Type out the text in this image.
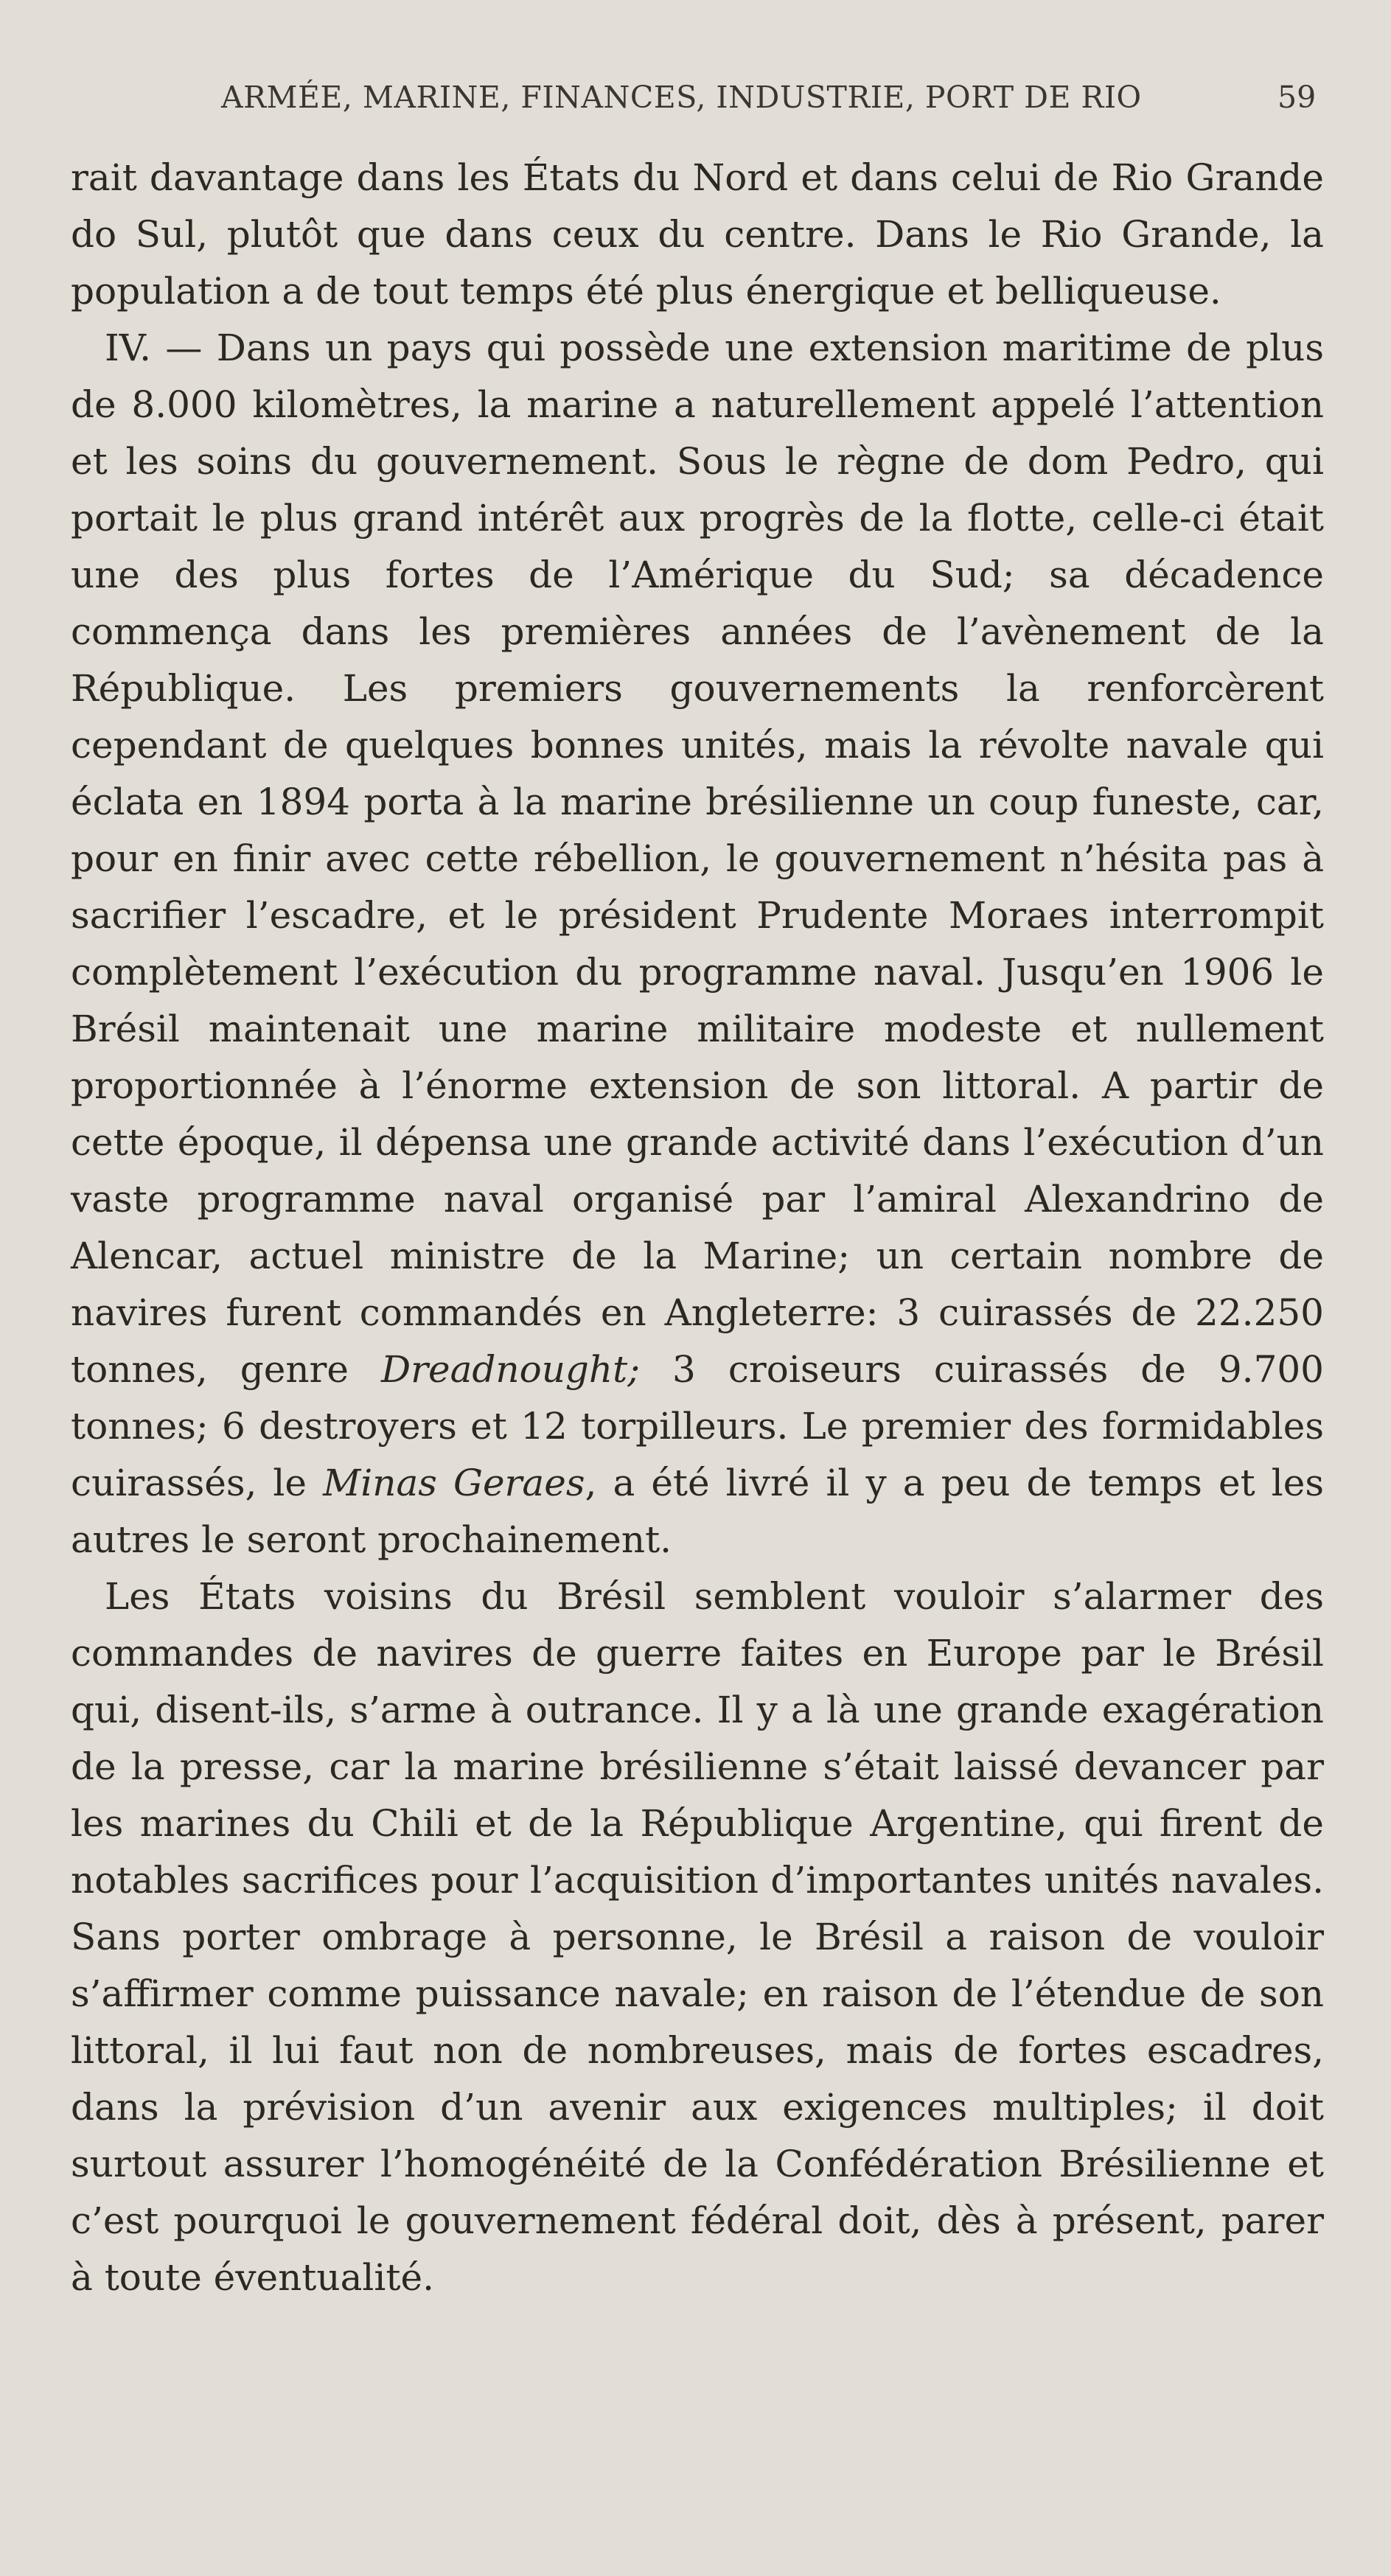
ARMÉE, MARINE, FINANCES, INDUSTRIE, PORT DE RIO	59

rait davantage dans les États du Nord et dans celui de Rio Grande do Sul, plutôt que dans ceux du centre. Dans le Rio Grande, la population a de tout temps été plus énergique et belliqueuse.

IV. — Dans un pays qui possède une extension maritime de plus de 8.000 kilomètres, la marine a naturellement appelé l’attention et les soins du gouvernement. Sous le règne de dom Pedro, qui portait le plus grand intérêt aux progrès de la flotte, celle-ci était une des plus fortes de l’Amérique du Sud; sa décadence commença dans les premières années de l’avènement de la République. Les premiers gouvernements la renforcèrent cependant de quelques bonnes unités, mais la révolte navale qui éclata en 1894 porta à la marine brésilienne un coup funeste, car, pour en finir avec cette rébellion, le gouvernement n’hésita pas à sacrifier l’escadre, et le président Prudente Moraes interrompit complètement l’exécution du programme naval. Jusqu’en 1906 le Brésil maintenait une marine militaire modeste et nullement proportionnée à l’énorme extension de son littoral. A partir de cette époque, il dépensa une grande activité dans l’exécution d’un vaste programme naval organisé par l’amiral Alexandrino de Alencar, actuel ministre de la Marine; un certain nombre de navires furent commandés en Angleterre: 3 cuirassés de 22.250 tonnes, genre Dreadnought; 3 croiseurs cuirassés de 9.700 tonnes; 6 destroyers et 12 torpilleurs. Le premier des formidables cuirassés, le Minas Geraes, a été livré il y a peu de temps et les autres le seront prochainement.

Les États voisins du Brésil semblent vouloir s’alarmer des commandes de navires de guerre faites en Europe par le Brésil qui, disent-ils, s’arme à outrance. Il y a là une grande exagération de la presse, car la marine brésilienne s’était laissé devancer par les marines du Chili et de la République Argentine, qui firent de notables sacrifices pour l’acquisition d’importantes unités navales. Sans porter ombrage à personne, le Brésil a raison de vouloir s’affirmer comme puissance navale; en raison de l’étendue de son littoral, il lui faut non de nombreuses, mais de fortes escadres, dans la prévision d’un avenir aux exigences multiples; il doit surtout assurer l’homogénéité de la Confédération Brésilienne et c’est pourquoi le gouvernement fédéral doit, dès à présent, parer à toute éventualité.
